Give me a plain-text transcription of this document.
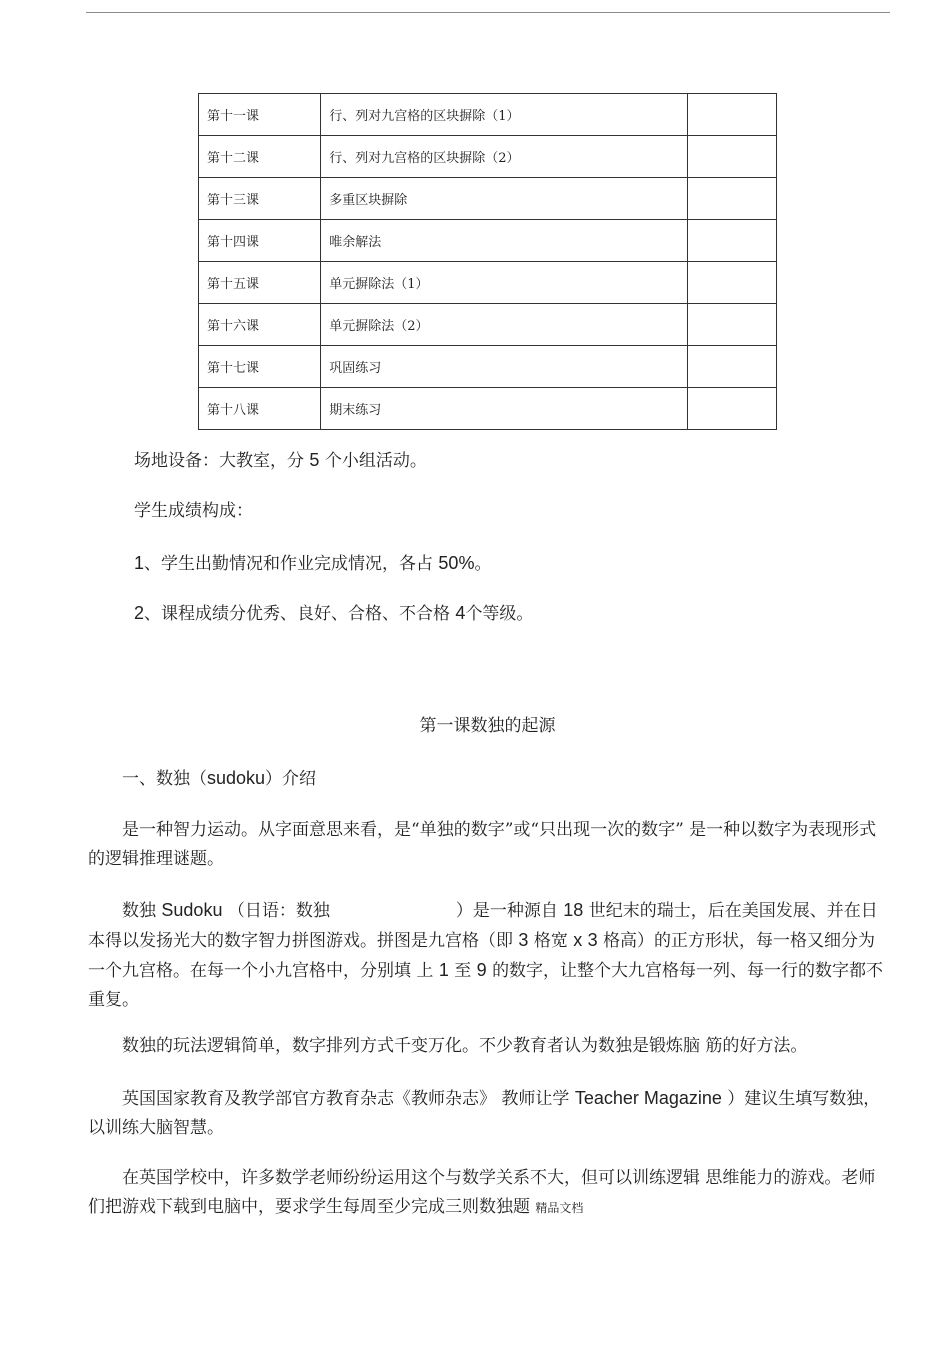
第十一课	行、列对九宫格的区块摒除（1）	
第十二课	行、列对九宫格的区块摒除（2）	
第十三课	多重区块摒除	
第十四课	唯余解法	
第十五课	单元摒除法（1）	
第十六课	单元摒除法（2）	
第十七课	巩固练习	
第十八课	期末练习	
场地设备：大教室，分 5 个小组活动。
学生成绩构成：
1、学生出勤情况和作业完成情况，各占 50%。
2、课程成绩分优秀、良好、合格、不合格 4个等级。
第一课数独的起源
一、数独（sudoku）介绍
是一种智力运动。从字面意思来看，是“单独的数字”或“只出现一次的数字” 是一种以数字为表现形式的逻辑推理谜题。
数独 Sudoku （日语：数独	）是一种源自 18 世纪末的瑞士，后在美国发展、并在日本得以发扬光大的数字智力拼图游戏。拼图是九宫格（即 3 格宽 x 3 格高）的正方形状，每一格又细分为一个九宫格。在每一个小九宫格中，分别填 上 1 至 9 的数字，让整个大九宫格每一列、每一行的数字都不重复。
数独的玩法逻辑简单，数字排列方式千变万化。不少教育者认为数独是锻炼脑 筋的好方法。
英国国家教育及教学部官方教育杂志《教师杂志》 教师让学 Teacher Magazine ）建议生填写数独，以训练大脑智慧。
在英国学校中，许多数学老师纷纷运用这个与数学关系不大，但可以训练逻辑 思维能力的游戏。老师们把游戏下载到电脑中，要求学生每周至少完成三则数独题 精品文档
